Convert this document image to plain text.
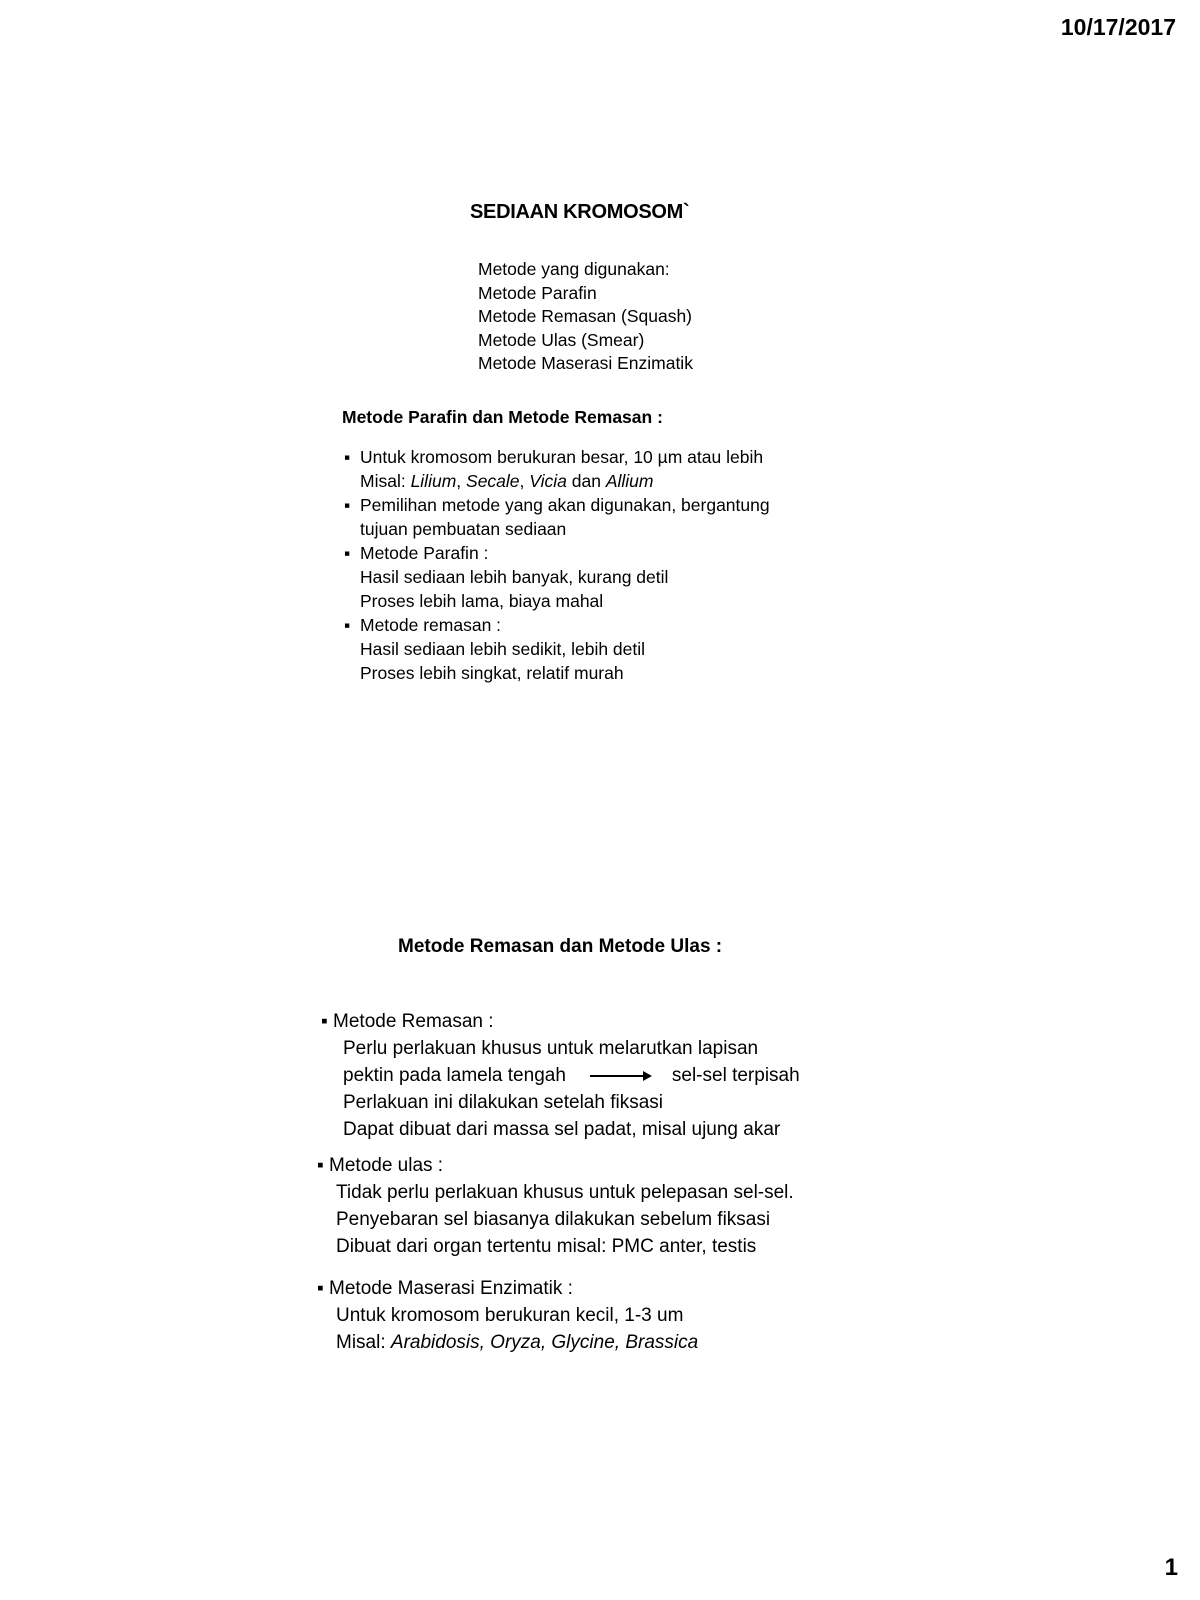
10/17/2017
SEDIAAN KROMOSOM`
Metode yang digunakan:
Metode Parafin
Metode Remasan (Squash)
Metode Ulas (Smear)
Metode Maserasi Enzimatik
Metode Parafin dan Metode Remasan :
▪ Untuk kromosom berukuran besar, 10 µm atau lebih
Misal: Lilium, Secale, Vicia dan Allium
▪ Pemilihan metode yang akan digunakan, bergantung
tujuan pembuatan sediaan
▪ Metode Parafin :
Hasil sediaan lebih banyak, kurang detil
Proses lebih lama, biaya mahal
▪ Metode remasan :
Hasil sediaan lebih sedikit, lebih detil
Proses lebih singkat, relatif murah
Metode Remasan dan Metode Ulas :
▪ Metode Remasan :
Perlu perlakuan khusus untuk melarutkan lapisan
pektin pada lamela tengah	sel-sel terpisah
Perlakuan ini dilakukan setelah fiksasi
Dapat dibuat dari massa sel padat, misal ujung akar
▪ Metode ulas :
Tidak perlu perlakuan khusus untuk pelepasan sel-sel.
Penyebaran sel biasanya dilakukan sebelum fiksasi
Dibuat dari organ tertentu misal: PMC anter, testis
▪ Metode Maserasi Enzimatik :
Untuk kromosom berukuran kecil, 1-3 um
Misal: Arabidosis, Oryza, Glycine, Brassica
1
